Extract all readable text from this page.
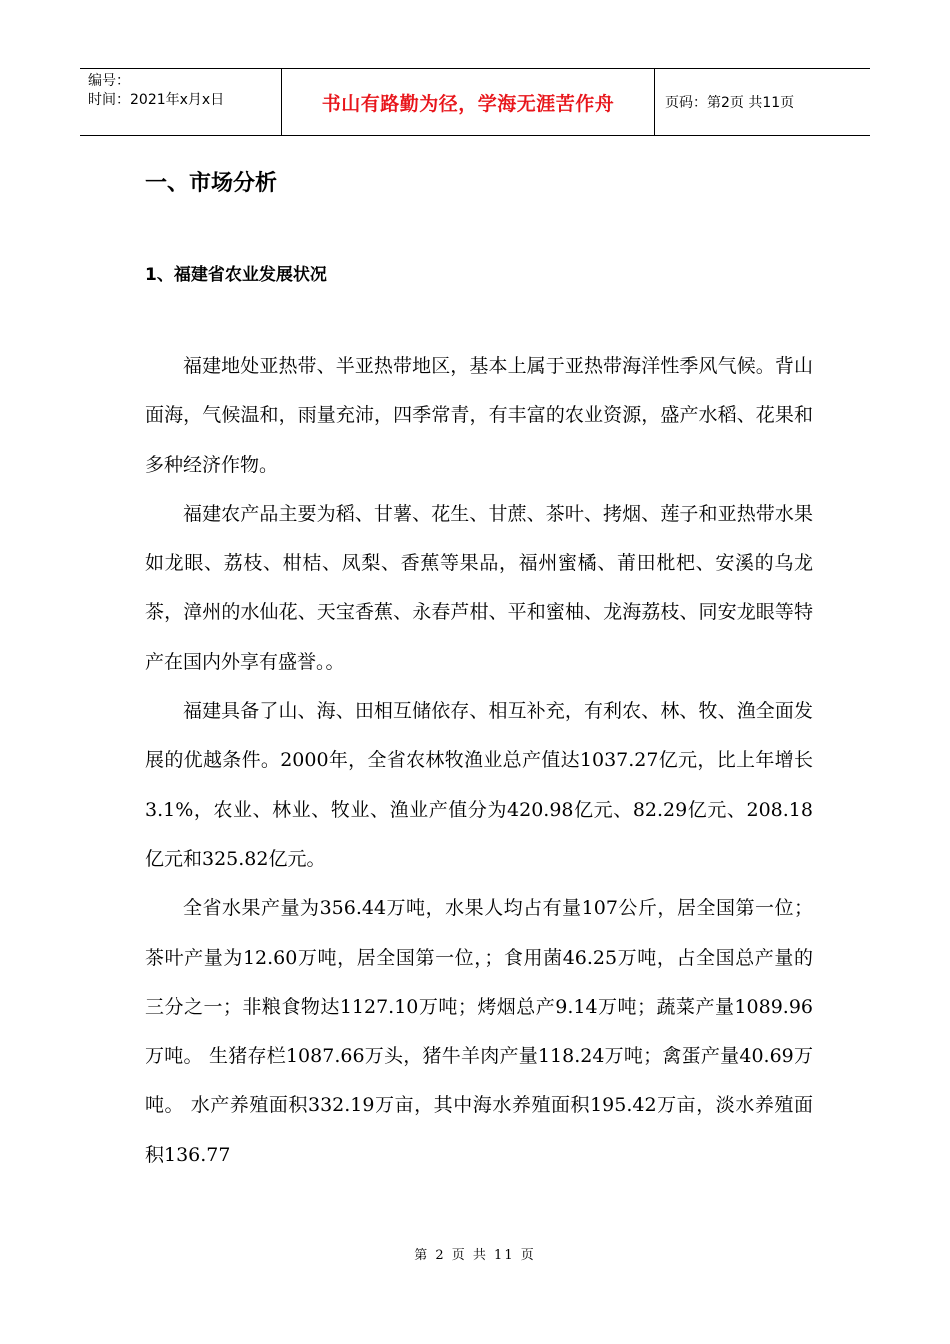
编号：
时间：2021年x月x日	书山有路勤为径，学海无涯苦作舟	页码：第2页 共11页
一、市场分析
1、福建省农业发展状况

福建地处亚热带、半亚热带地区，基本上属于亚热带海洋性季风气候。背山面海，气候温和，雨量充沛，四季常青，有丰富的农业资源，盛产水稻、花果和多种经济作物。

福建农产品主要为稻、甘薯、花生、甘蔗、茶叶、拷烟、莲子和亚热带水果如龙眼、荔枝、柑桔、凤梨、香蕉等果品，福州蜜橘、莆田枇杷、安溪的乌龙茶，漳州的水仙花、天宝香蕉、永春芦柑、平和蜜柚、龙海荔枝、同安龙眼等特产在国内外享有盛誉。。

福建具备了山、海、田相互储依存、相互补充，有利农、林、牧、渔全面发展的优越条件。2000年，全省农林牧渔业总产值达1037.27亿元，比上年增长3.1%，农业、林业、牧业、渔业产值分为420.98亿元、82.29亿元、208.18亿元和325.82亿元。

全省水果产量为356.44万吨，水果人均占有量107公斤，居全国第一位；茶叶产量为12.60万吨，居全国第一位，；食用菌46.25万吨，占全国总产量的三分之一；非粮食物达1127.10万吨；烤烟总产9.14万吨；蔬菜产量1089.96万吨。 生猪存栏1087.66万头，猪牛羊肉产量118.24万吨；禽蛋产量40.69万吨。 水产养殖面积332.19万亩，其中海水养殖面积195.42万亩，淡水养殖面积136.77

第 2 页 共 11 页
